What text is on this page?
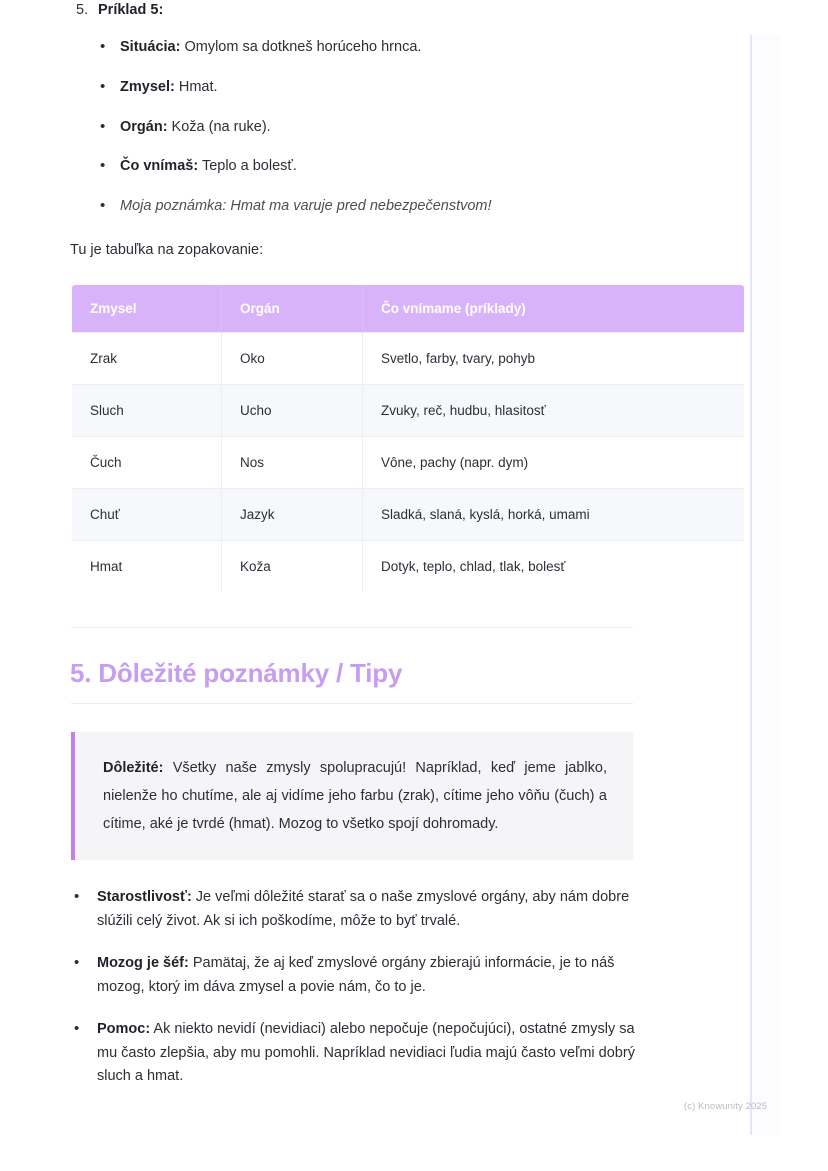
5. Príklad 5:
• Situácia: Omylom sa dotkneš horúceho hrnca.
• Zmysel: Hmat.
• Orgán: Koža (na ruke).
• Čo vnímaš: Teplo a bolesť.
• Moja poznámka: Hmat ma varuje pred nebezpečenstvom!

Tu je tabuľka na zopakovanie:

Zmysel	Orgán	Čo vnímame (príklady)
Zrak	Oko	Svetlo, farby, tvary, pohyb
Sluch	Ucho	Zvuky, reč, hudbu, hlasitosť
Čuch	Nos	Vône, pachy (napr. dym)
Chuť	Jazyk	Sladká, slaná, kyslá, horká, umami
Hmat	Koža	Dotyk, teplo, chlad, tlak, bolesť
5. Dôležité poznámky / Tipy

Dôležité: Všetky naše zmysly spolupracujú! Napríklad, keď jeme jablko, nielenže ho chutíme, ale aj vidíme jeho farbu (zrak), cítime jeho vôňu (čuch) a cítime, aké je tvrdé (hmat). Mozog to všetko spojí dohromady.

• Starostlivosť: Je veľmi dôležité starať sa o naše zmyslové orgány, aby nám dobre slúžili celý život. Ak si ich poškodíme, môže to byť trvalé.
• Mozog je šéf: Pamätaj, že aj keď zmyslové orgány zbierajú informácie, je to náš mozog, ktorý im dáva zmysel a povie nám, čo to je.
• Pomoc: Ak niekto nevidí (nevidiaci) alebo nepočuje (nepočujúci), ostatné zmysly sa mu často zlepšia, aby mu pomohli. Napríklad nevidiaci ľudia majú často veľmi dobrý sluch a hmat.
(c) Knowunity 2025
